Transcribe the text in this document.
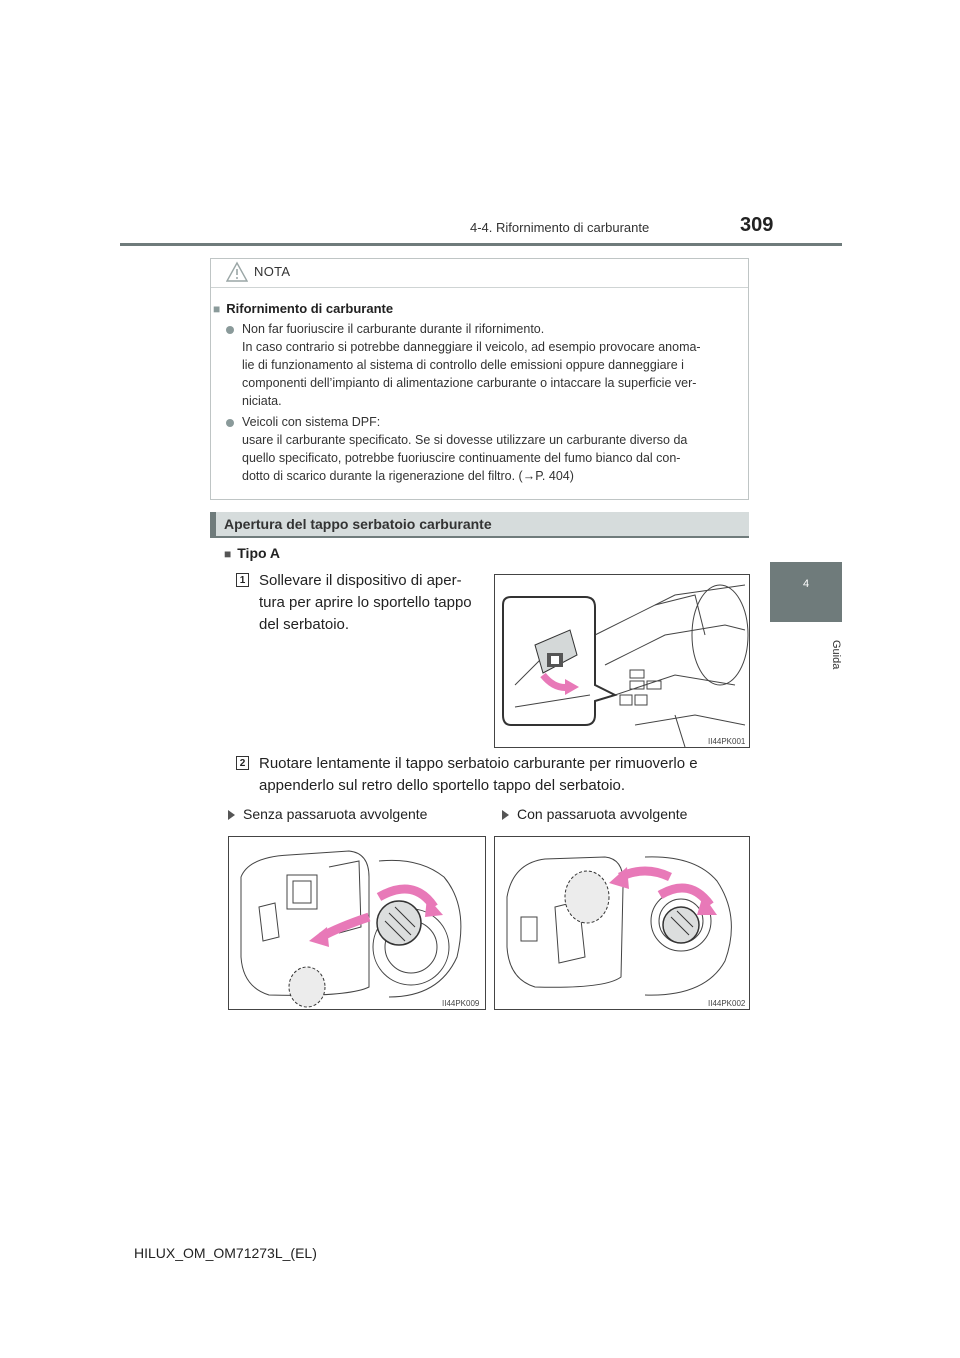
4-4. Rifornimento di carburante	309
4
Guida
NOTA
■ Rifornimento di carburante
Non far fuoriuscire il carburante durante il rifornimento.
In caso contrario si potrebbe danneggiare il veicolo, ad esempio provocare anoma-
lie di funzionamento al sistema di controllo delle emissioni oppure danneggiare i
componenti dell’impianto di alimentazione carburante o intaccare la superficie ver-
niciata.
Veicoli con sistema DPF:
usare il carburante specificato. Se si dovesse utilizzare un carburante diverso da
quello specificato, potrebbe fuoriuscire continuamente del fumo bianco dal con-
dotto di scarico durante la rigenerazione del filtro. (→P. 404)
Apertura del tappo serbatoio carburante
■ Tipo A
1 Sollevare il dispositivo di aper-
tura per aprire lo sportello tappo
del serbatoio.
II44PK001
2 Ruotare lentamente il tappo serbatoio carburante per rimuoverlo e
appenderlo sul retro dello sportello tappo del serbatoio.
Senza passaruota avvolgente	Con passaruota avvolgente
II44PK009	II44PK002
HILUX_OM_OM71273L_(EL)
